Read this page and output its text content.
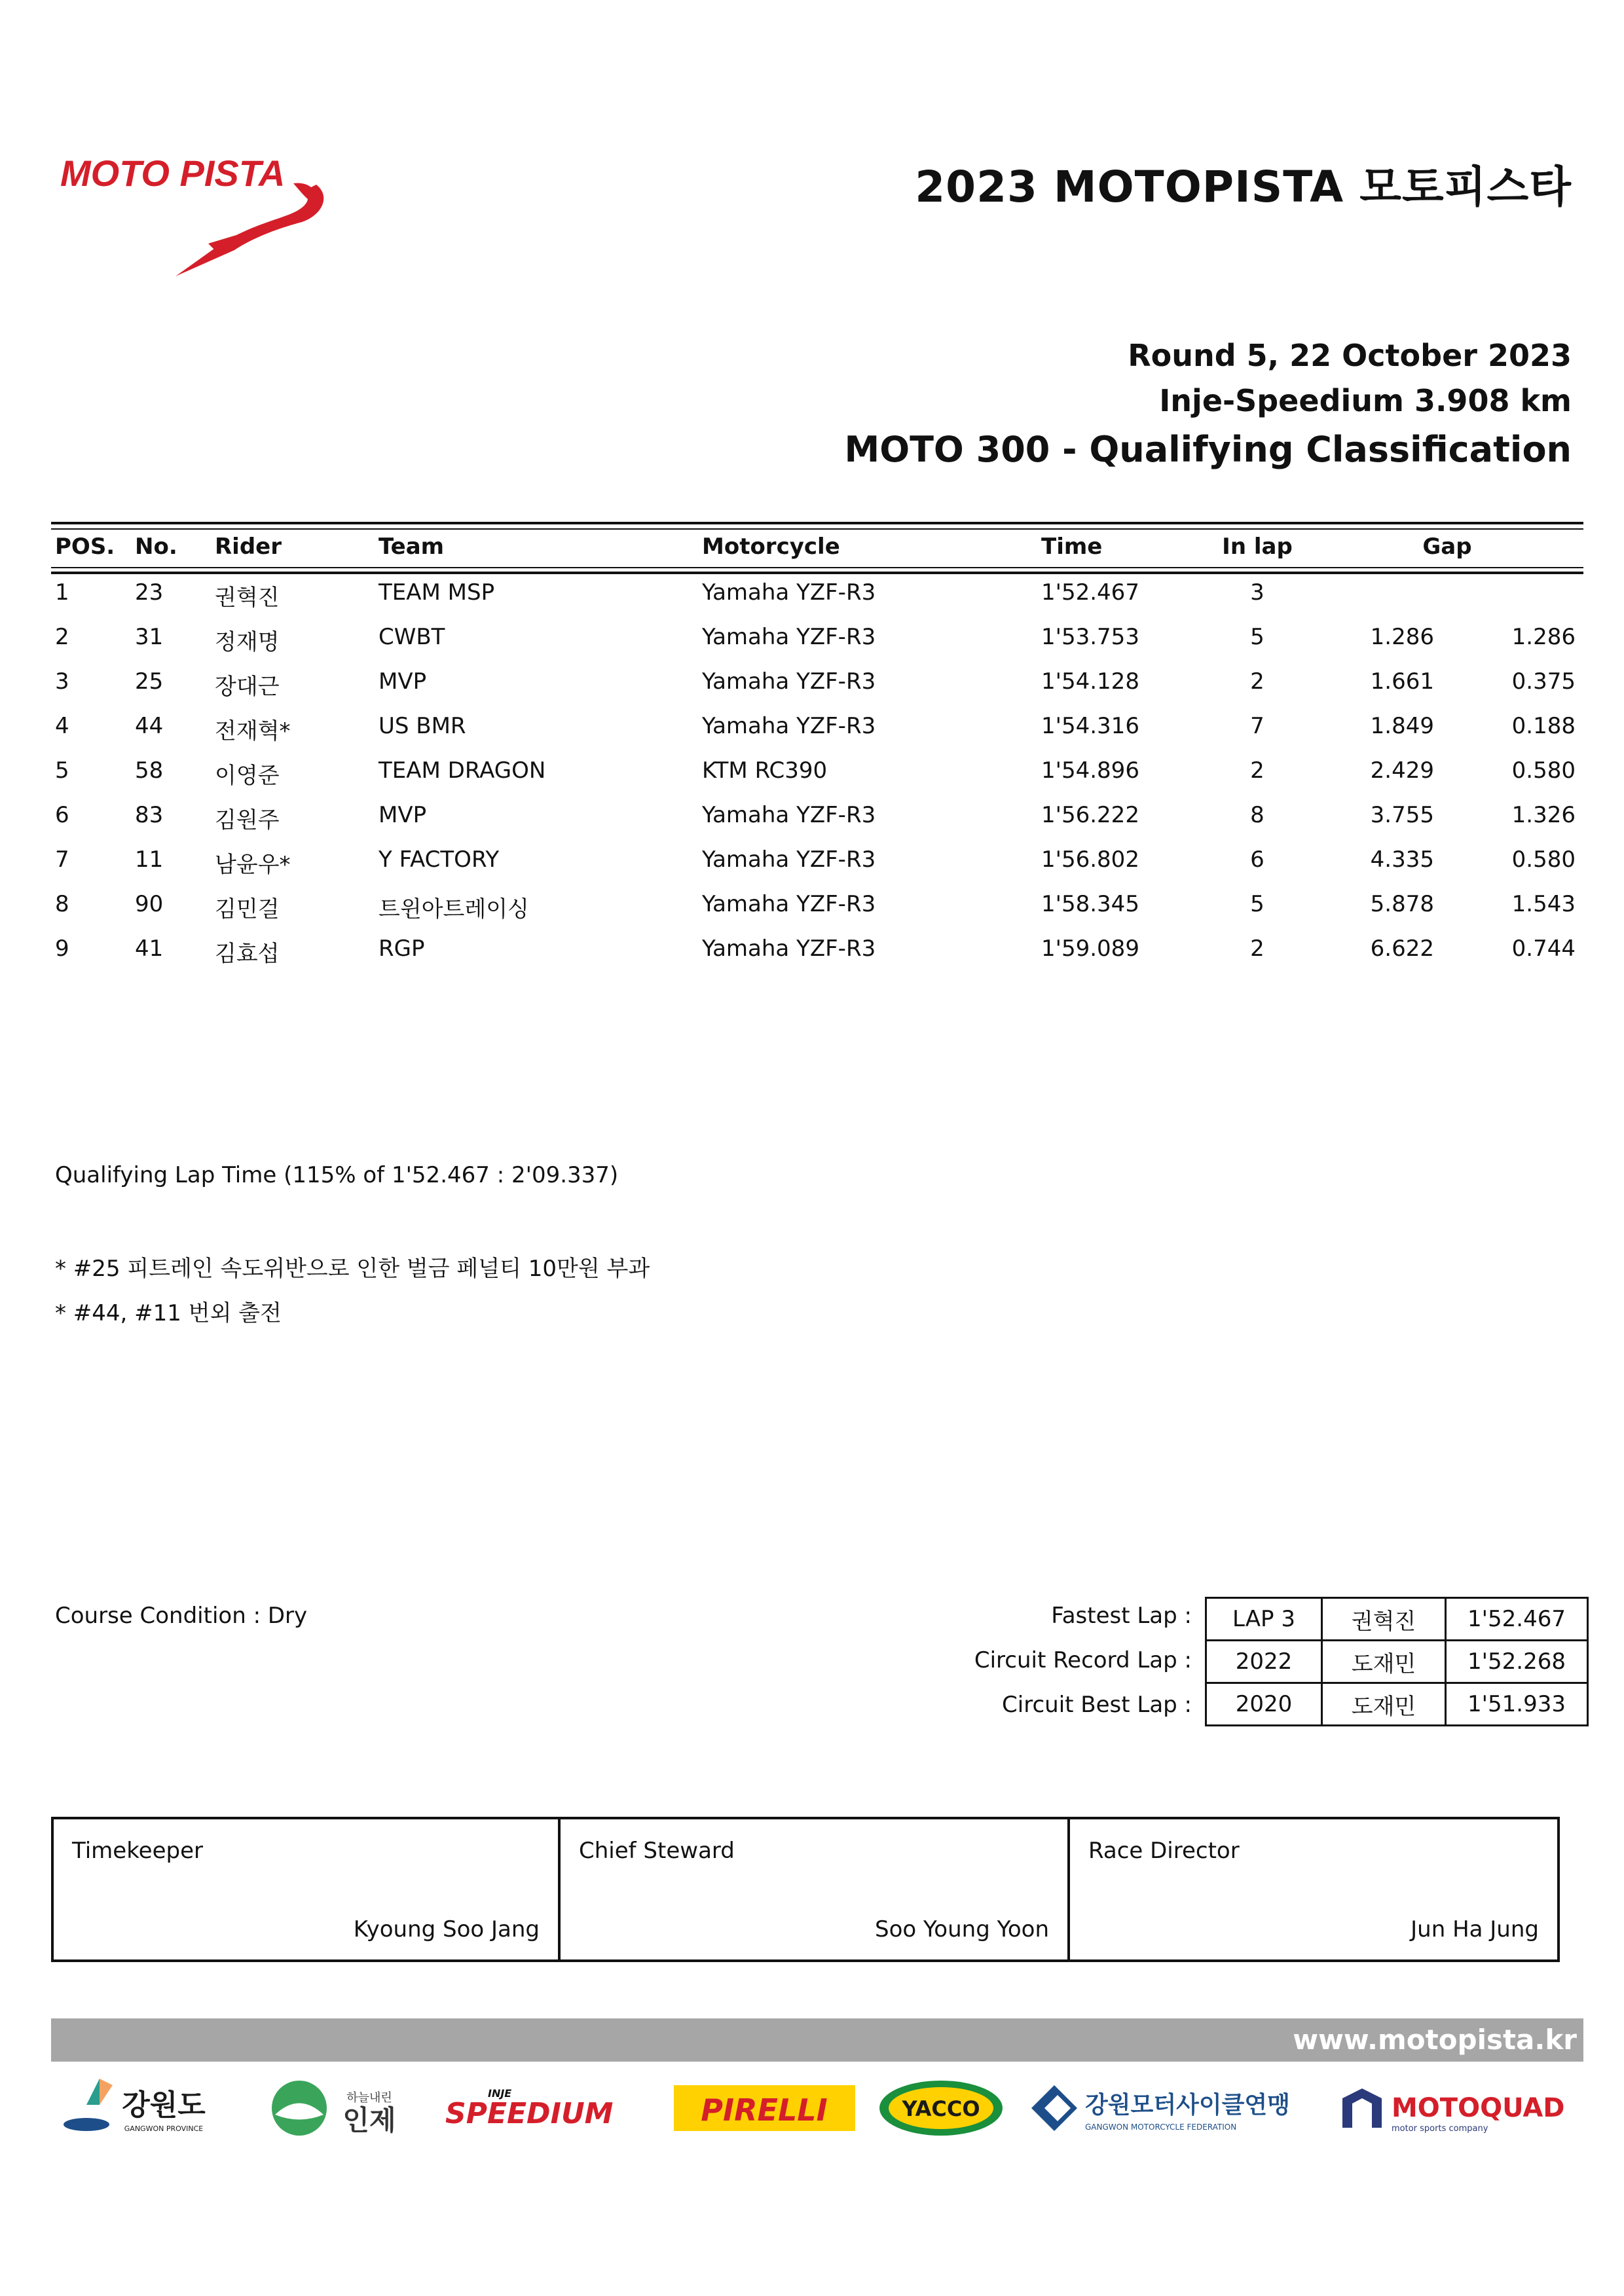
MOTO PISTA	2023 MOTOPISTA 모토피스타
Round 5, 22 October 2023
Inje-Speedium 3.908 km
MOTO 300 - Qualifying Classification
POS. No. Rider	Team	Motorcycle	Time	In lap	Gap
1	23 권혁진	TEAM MSP	Yamaha YZF-R3	1'52.467	3
2	31 정재명	CWBT	Yamaha YZF-R3	1'53.753	5	1.286	1.286
3	25 장대근	MVP	Yamaha YZF-R3	1'54.128	2	1.661	0.375
4	44 전재혁*	US BMR	Yamaha YZF-R3	1'54.316	7	1.849	0.188
5	58 이영준	TEAM DRAGON	KTM RC390	1'54.896	2	2.429	0.580
6	83 김원주	MVP	Yamaha YZF-R3	1'56.222	8	3.755	1.326
7	11 남윤우*	Y FACTORY	Yamaha YZF-R3	1'56.802	6	4.335	0.580
8	90 김민걸	트윈아트레이싱	Yamaha YZF-R3	1'58.345	5	5.878	1.543
9	41 김효섭	RGP	Yamaha YZF-R3	1'59.089	2	6.622	0.744
Qualifying Lap Time (115% of 1'52.467 : 2'09.337)
* #25 피트레인 속도위반으로 인한 벌금 페널티 10만원 부과
* #44, #11 번외 출전
Course Condition : Dry	Fastest Lap :
Circuit Record Lap :
Circuit Best Lap :
LAP 3	권혁진	1'52.467
2022	도재민	1'52.268
2020	도재민	1'51.933
Timekeeper
Kyoung Soo Jang
Chief Steward
Soo Young Yoon
Race Director
Jun Ha Jung
www.motopista.kr
강원도
GANGWON PROVINCE
하늘내린
인제
INJE
SPEEDIUM	PIRELLI	YACCO	강원모터사이클연맹
GANGWON MOTORCYCLE FEDERATION
MOTOQUAD
motor sports company
